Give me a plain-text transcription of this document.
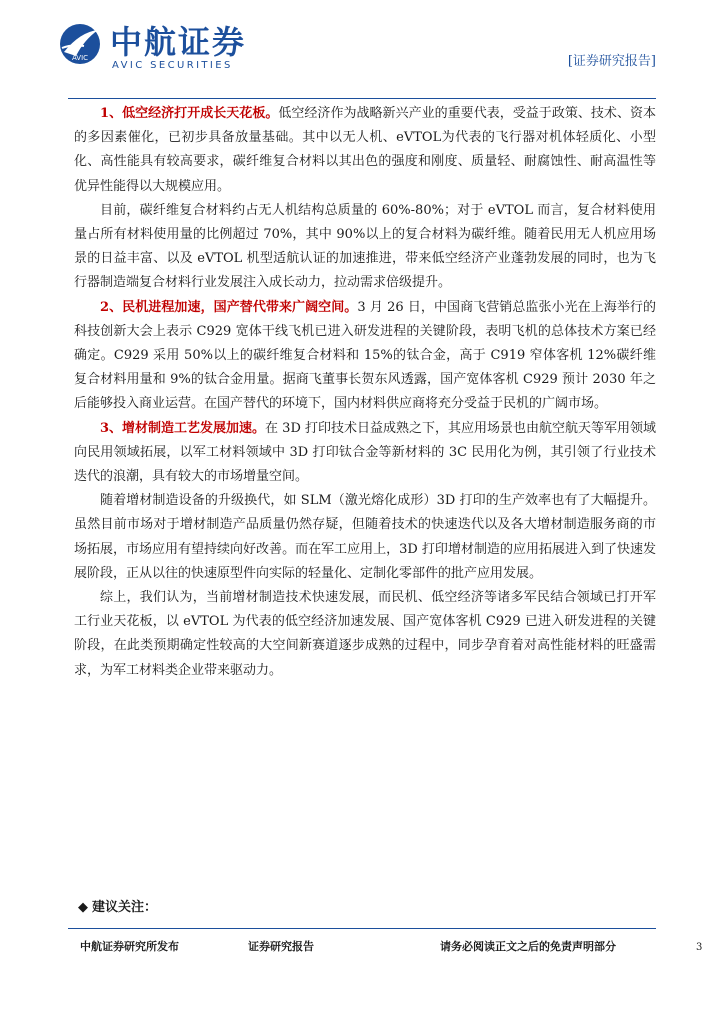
AVIC 中航证券
AVIC SECURITIES	[证券研究报告]

1、低空经济打开成长天花板。低空经济作为战略新兴产业的重要代表，受益于政策、技术、资本的多因素催化，已初步具备放量基础。其中以无人机、eVTOL为代表的飞行器对机体轻质化、小型化、高性能具有较高要求，碳纤维复合材料以其出色的强度和刚度、质量轻、耐腐蚀性、耐高温性等优异性能得以大规模应用。

目前，碳纤维复合材料约占无人机结构总质量的 60%-80%；对于 eVTOL 而言，复合材料使用量占所有材料使用量的比例超过 70%，其中 90%以上的复合材料为碳纤维。随着民用无人机应用场景的日益丰富、以及 eVTOL 机型适航认证的加速推进，带来低空经济产业蓬勃发展的同时，也为飞行器制造端复合材料行业发展注入成长动力，拉动需求倍级提升。

2、民机进程加速，国产替代带来广阔空间。3 月 26 日，中国商飞营销总监张小光在上海举行的科技创新大会上表示 C929 宽体干线飞机已进入研发进程的关键阶段，表明飞机的总体技术方案已经确定。C929 采用 50%以上的碳纤维复合材料和 15%的钛合金，高于 C919 窄体客机 12%碳纤维复合材料用量和 9%的钛合金用量。据商飞董事长贺东风透露，国产宽体客机 C929 预计 2030 年之后能够投入商业运营。在国产替代的环境下，国内材料供应商将充分受益于民机的广阔市场。

3、增材制造工艺发展加速。在 3D 打印技术日益成熟之下，其应用场景也由航空航天等军用领域向民用领域拓展，以军工材料领域中 3D 打印钛合金等新材料的 3C 民用化为例，其引领了行业技术迭代的浪潮，具有较大的市场增量空间。

随着增材制造设备的升级换代，如 SLM（激光熔化成形）3D 打印的生产效率也有了大幅提升。虽然目前市场对于增材制造产品质量仍然存疑，但随着技术的快速迭代以及各大增材制造服务商的市场拓展，市场应用有望持续向好改善。而在军工应用上，3D 打印增材制造的应用拓展进入到了快速发展阶段，正从以往的快速原型件向实际的轻量化、定制化零部件的批产应用发展。

综上，我们认为，当前增材制造技术快速发展，而民机、低空经济等诸多军民结合领域已打开军工行业天花板，以 eVTOL 为代表的低空经济加速发展、国产宽体客机 C929 已进入研发进程的关键阶段，在此类预期确定性较高的大空间新赛道逐步成熟的过程中，同步孕育着对高性能材料的旺盛需求，为军工材料类企业带来驱动力。

◆ 建议关注：
中航证券研究所发布	证券研究报告	请务必阅读正文之后的免责声明部分	3
